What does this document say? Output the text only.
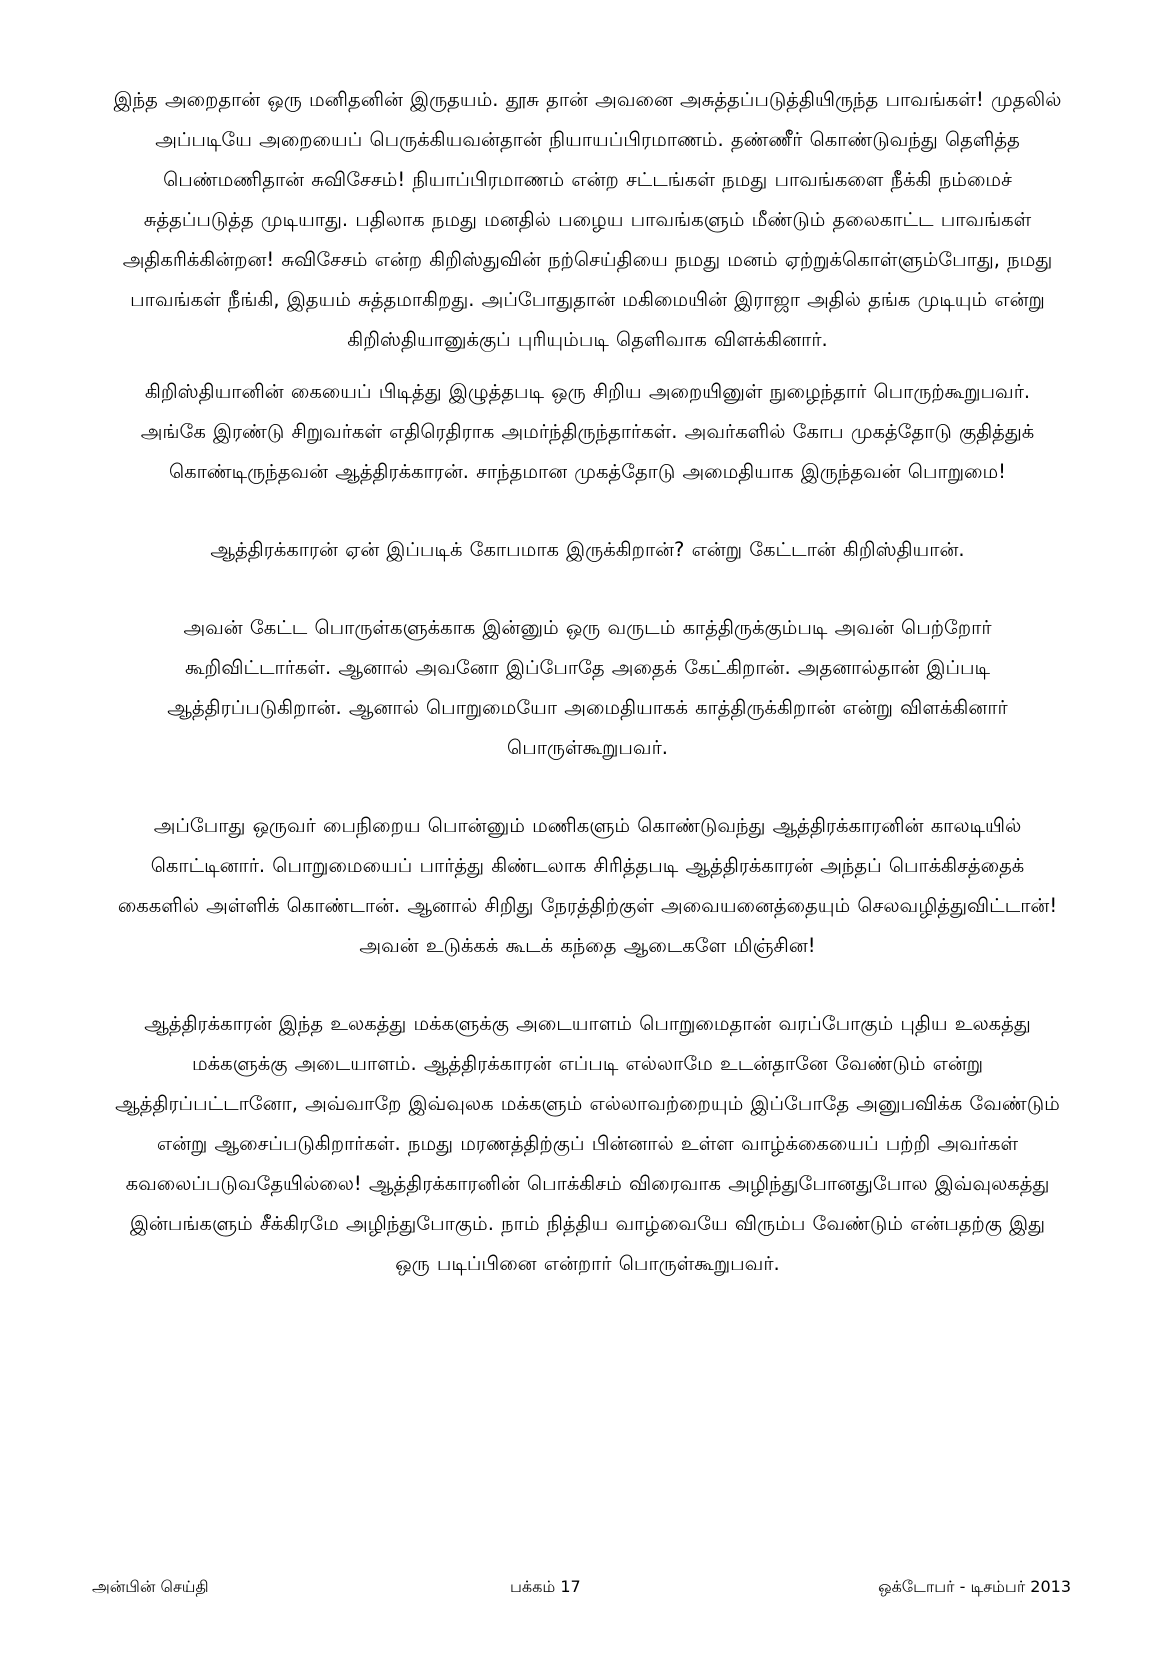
இந்த அறைதான் ஒரு மனிதனின் இருதயம். தூசு தான் அவனை அசுத்தப்படுத்தியிருந்த பாவங்கள்! முதலில் அப்படியே அறையைப் பெருக்கியவன்தான் நியாயப்பிரமாணம். தண்ணீர் கொண்டுவந்து தெளித்த பெண்மணிதான் சுவிசேசம்! நியாப்பிரமாணம் என்ற சட்டங்கள் நமது பாவங்களை நீக்கி நம்மைச் சுத்தப்படுத்த முடியாது. பதிலாக நமது மனதில் பழைய பாவங்களும் மீண்டும் தலைகாட்ட பாவங்கள் அதிகரிக்கின்றன! சுவிசேசம் என்ற கிறிஸ்துவின் நற்செய்தியை நமது மனம் ஏற்றுக்கொள்ளும்போது, நமது பாவங்கள் நீங்கி, இதயம் சுத்தமாகிறது. அப்போதுதான் மகிமையின் இராஜா அதில் தங்க முடியும் என்று கிறிஸ்தியானுக்குப் புரியும்படி தெளிவாக விளக்கினார்.

கிறிஸ்தியானின் கையைப் பிடித்து இழுத்தபடி ஒரு சிறிய அறையினுள் நுழைந்தார் பொருற்கூறுபவர். அங்கே இரண்டு சிறுவர்கள் எதிரெதிராக அமர்ந்திருந்தார்கள். அவர்களில் கோப முகத்தோடு குதித்துக் கொண்டிருந்தவன் ஆத்திரக்காரன். சாந்தமான முகத்தோடு அமைதியாக இருந்தவன் பொறுமை!

ஆத்திரக்காரன் ஏன் இப்படிக் கோபமாக இருக்கிறான்? என்று கேட்டான் கிறிஸ்தியான்.

அவன் கேட்ட பொருள்களுக்காக இன்னும் ஒரு வருடம் காத்திருக்கும்படி அவன் பெற்றோர் கூறிவிட்டார்கள். ஆனால் அவனோ இப்போதே அதைக் கேட்கிறான். அதனால்தான் இப்படி ஆத்திரப்படுகிறான். ஆனால் பொறுமையோ அமைதியாகக் காத்திருக்கிறான் என்று விளக்கினார் பொருள்கூறுபவர்.

அப்போது ஒருவர் பைநிறைய பொன்னும் மணிகளும் கொண்டுவந்து ஆத்திரக்காரனின் காலடியில் கொட்டினார். பொறுமையைப் பார்த்து கிண்டலாக சிரித்தபடி ஆத்திரக்காரன் அந்தப் பொக்கிசத்தைக் கைகளில் அள்ளிக் கொண்டான். ஆனால் சிறிது நேரத்திற்குள் அவையனைத்தையும் செலவழித்துவிட்டான்! அவன் உடுக்கக் கூடக் கந்தை ஆடைகளே மிஞ்சின!

ஆத்திரக்காரன் இந்த உலகத்து மக்களுக்கு அடையாளம் பொறுமைதான் வரப்போகும் புதிய உலகத்து மக்களுக்கு அடையாளம். ஆத்திரக்காரன் எப்படி எல்லாமே உடன்தானே வேண்டும் என்று ஆத்திரப்பட்டானோ, அவ்வாறே இவ்வுலக மக்களும் எல்லாவற்றையும் இப்போதே அனுபவிக்க வேண்டும் என்று ஆசைப்படுகிறார்கள். நமது மரணத்திற்குப் பின்னால் உள்ள வாழ்க்கையைப் பற்றி அவர்கள் கவலைப்படுவதேயில்லை! ஆத்திரக்காரனின் பொக்கிசம் விரைவாக அழிந்துபோனதுபோல இவ்வுலகத்து இன்பங்களும் சீக்கிரமே அழிந்துபோகும். நாம் நித்திய வாழ்வையே விரும்ப வேண்டும் என்பதற்கு இது ஒரு படிப்பினை என்றார் பொருள்கூறுபவர்.

அன்பின் செய்தி	பக்கம் 17	ஒக்டோபர் - டிசம்பர் 2013
